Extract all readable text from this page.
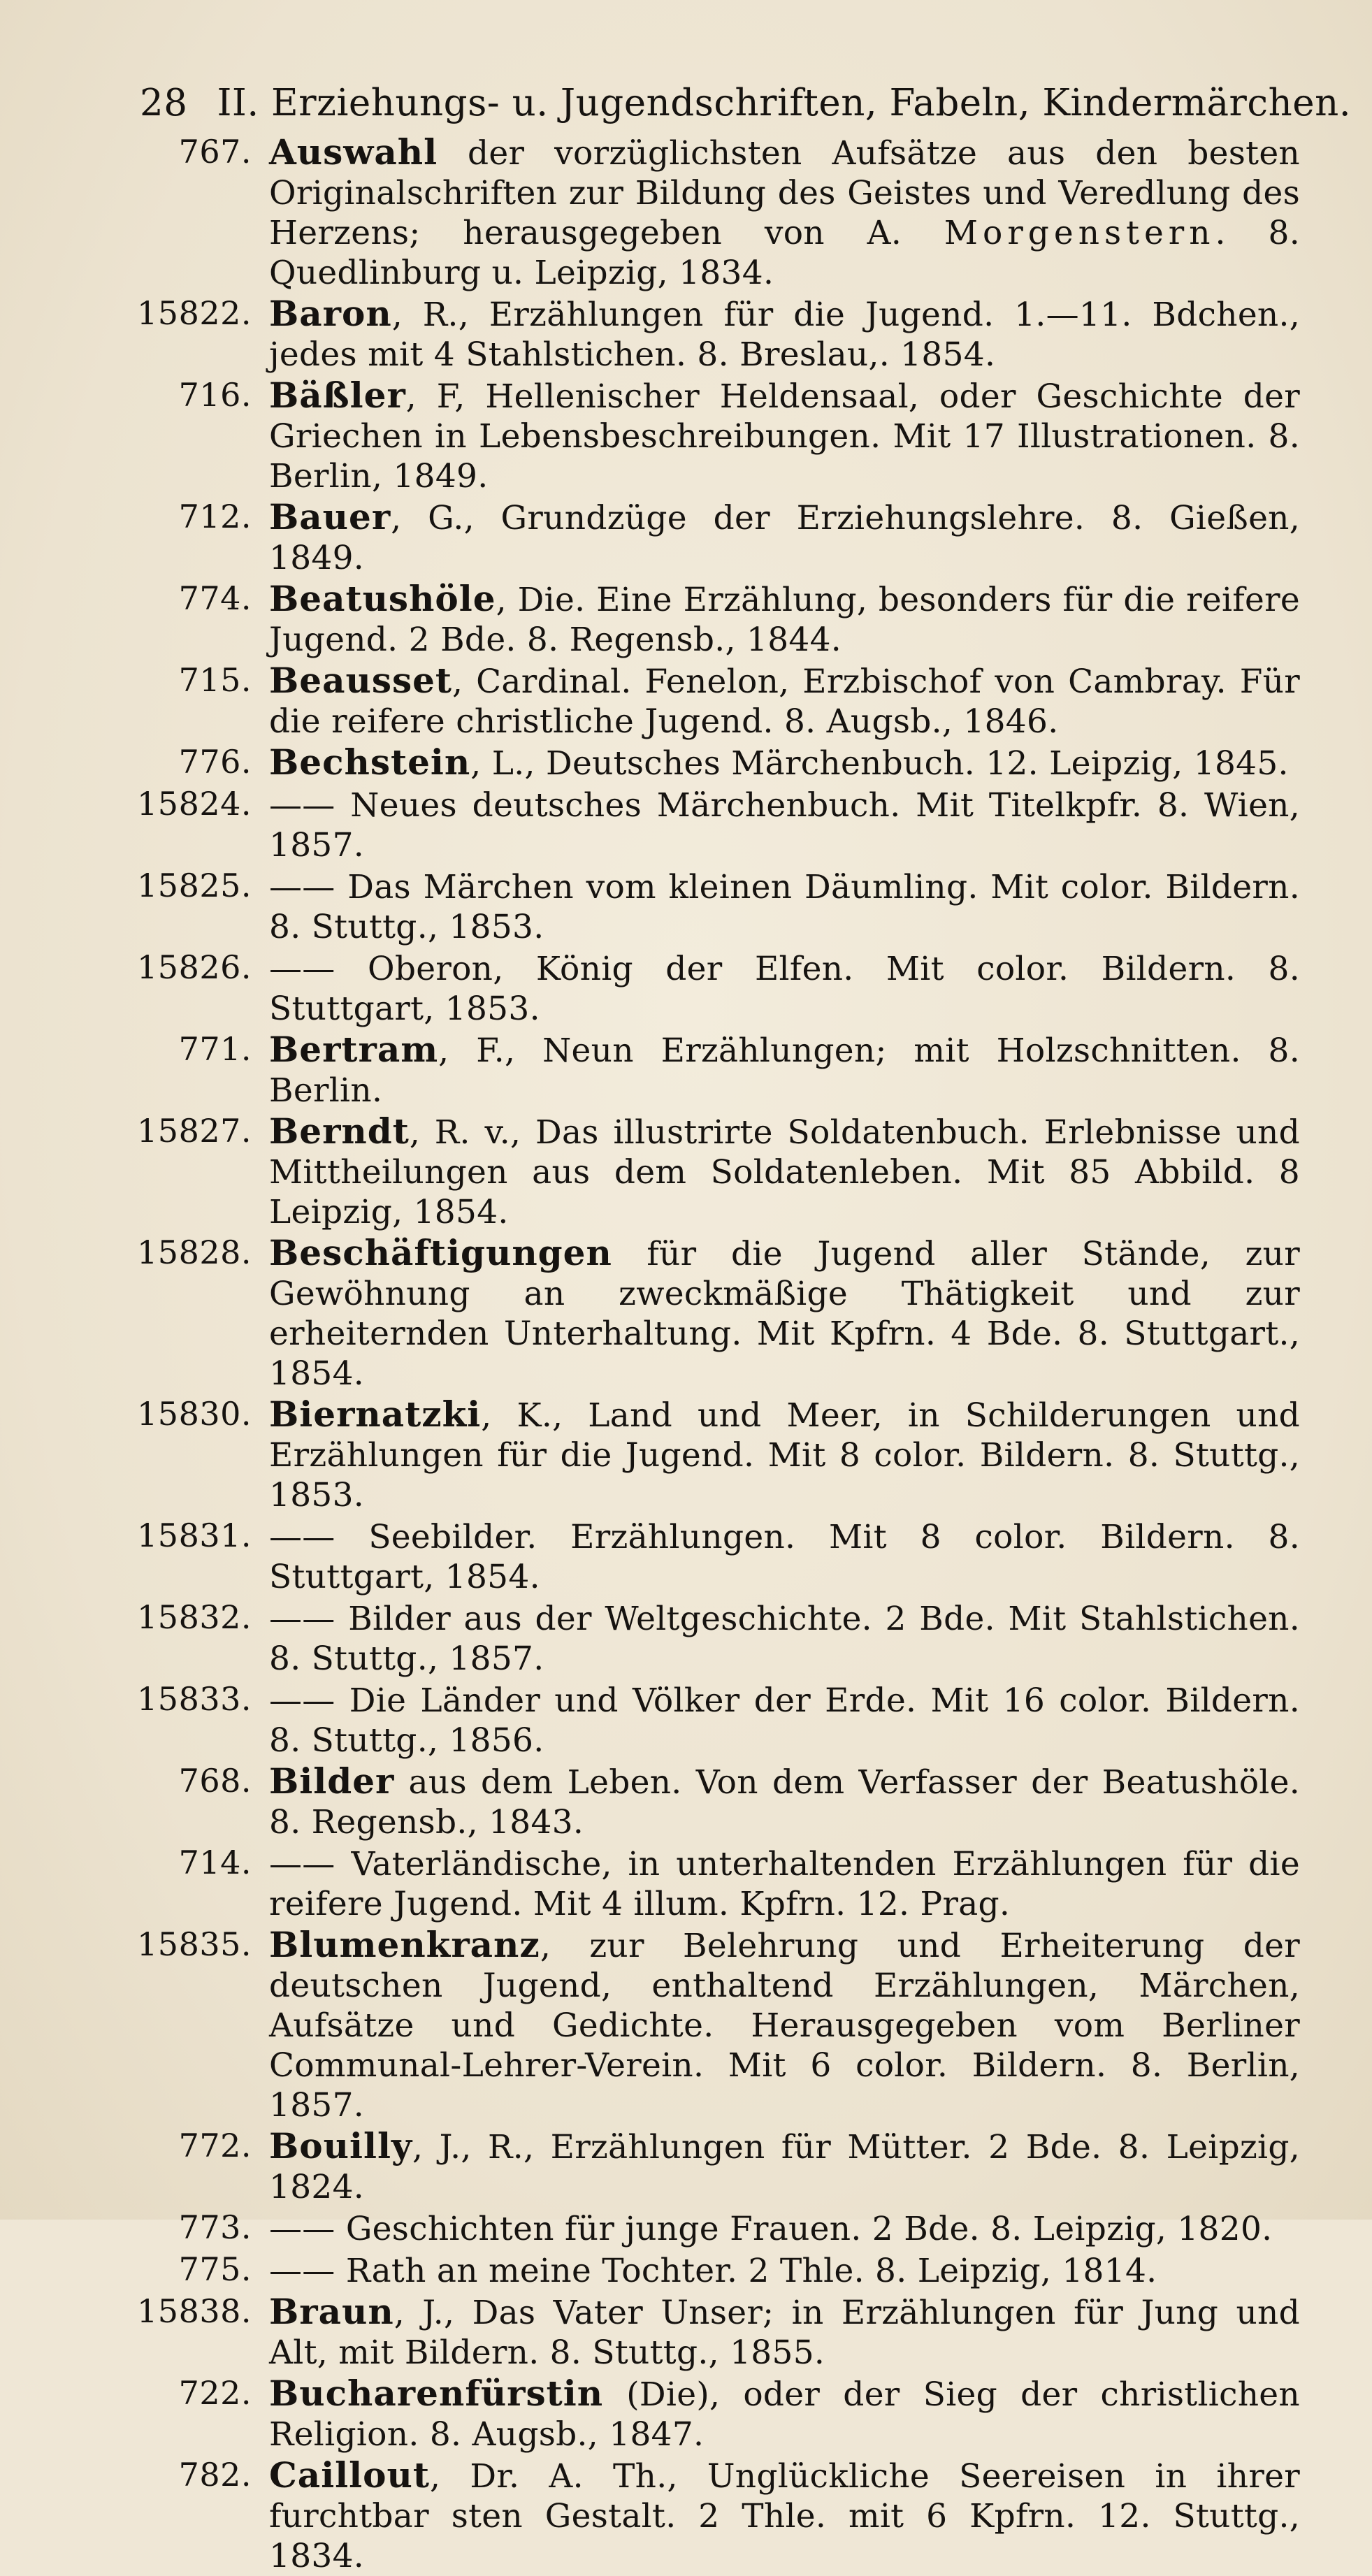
28 II. Erziehungs- u. Jugendschriften, Fabeln, Kindermärchen.
767. Auswahl der vorzüglichsten Aufsätze aus den besten Originalschriften zur Bildung des Geistes und Veredlung des Herzens; herausgegeben von A. Morgenstern. 8. Quedlinburg u. Leipzig, 1834.
15822. Baron, R., Erzählungen für die Jugend. 1.—11. Bdchen., jedes mit 4 Stahlstichen. 8. Breslau,. 1854.
716. Bäßler, F, Hellenischer Heldensaal, oder Geschichte der Griechen in Lebensbeschreibungen. Mit 17 Illustrationen. 8. Berlin, 1849.
712. Bauer, G., Grundzüge der Erziehungslehre. 8. Gießen, 1849.
774. Beatushöle, Die. Eine Erzählung, besonders für die reifere Jugend. 2 Bde. 8. Regensb., 1844.
715. Beausset, Cardinal. Fenelon, Erzbischof von Cambray. Für die reifere christliche Jugend. 8. Augsb., 1846.
776. Bechstein, L., Deutsches Märchenbuch. 12. Leipzig, 1845.
15824. —— Neues deutsches Märchenbuch. Mit Titelkpfr. 8. Wien, 1857.
15825. —— Das Märchen vom kleinen Däumling. Mit color. Bildern. 8. Stuttg., 1853.
15826. —— Oberon, König der Elfen. Mit color. Bildern. 8. Stuttgart, 1853.
771. Bertram, F., Neun Erzählungen; mit Holzschnitten. 8. Berlin.
15827. Berndt, R. v., Das illustrirte Soldatenbuch. Erlebnisse und Mittheilungen aus dem Soldatenleben. Mit 85 Abbild. 8 Leipzig, 1854.
15828. Beschäftigungen für die Jugend aller Stände, zur Gewöhnung an zweckmäßige Thätigkeit und zur erheiternden Unterhaltung. Mit Kpfrn. 4 Bde. 8. Stuttgart., 1854.
15830. Biernatzki, K., Land und Meer, in Schilderungen und Erzählungen für die Jugend. Mit 8 color. Bildern. 8. Stuttg., 1853.
15831. —— Seebilder. Erzählungen. Mit 8 color. Bildern. 8. Stuttgart, 1854.
15832. —— Bilder aus der Weltgeschichte. 2 Bde. Mit Stahlstichen. 8. Stuttg., 1857.
15833. —— Die Länder und Völker der Erde. Mit 16 color. Bildern. 8. Stuttg., 1856.
768. Bilder aus dem Leben. Von dem Verfasser der Beatushöle. 8. Regensb., 1843.
714. —— Vaterländische, in unterhaltenden Erzählungen für die reifere Jugend. Mit 4 illum. Kpfrn. 12. Prag.
15835. Blumenkranz, zur Belehrung und Erheiterung der deutschen Jugend, enthaltend Erzählungen, Märchen, Aufsätze und Gedichte. Herausgegeben vom Berliner Communal-Lehrer-Verein. Mit 6 color. Bildern. 8. Berlin, 1857.
772. Bouilly, J., R., Erzählungen für Mütter. 2 Bde. 8. Leipzig, 1824.
773. —— Geschichten für junge Frauen. 2 Bde. 8. Leipzig, 1820.
775. —— Rath an meine Tochter. 2 Thle. 8. Leipzig, 1814.
15838. Braun, J., Das Vater Unser; in Erzählungen für Jung und Alt, mit Bildern. 8. Stuttg., 1855.
722. Bucharenfürstin (Die), oder der Sieg der christlichen Religion. 8. Augsb., 1847.
782. Caillout, Dr. A. Th., Unglückliche Seereisen in ihrer furchtbar sten Gestalt. 2 Thle. mit 6 Kpfrn. 12. Stuttg., 1834.
